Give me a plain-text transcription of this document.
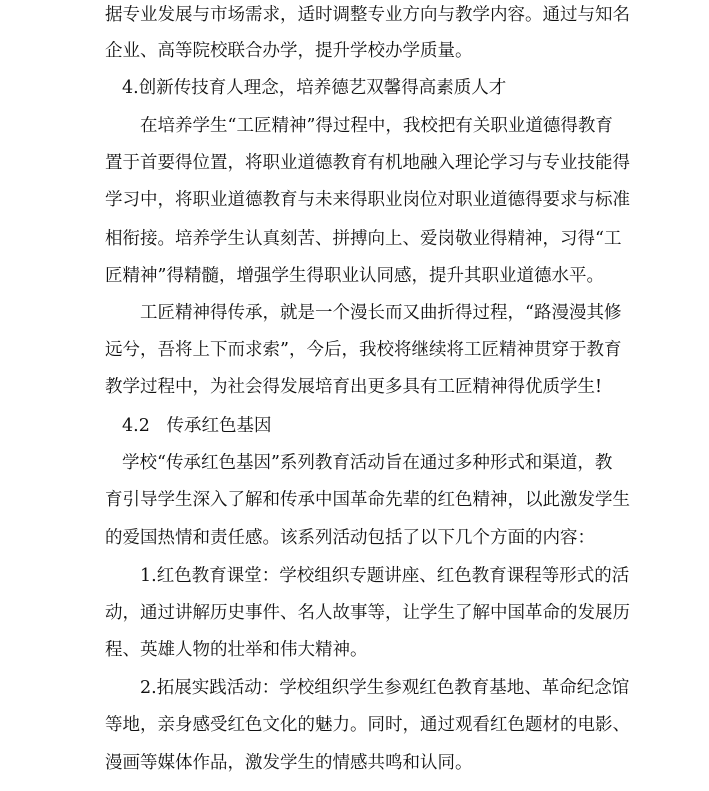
据专业发展与市场需求，适时调整专业方向与教学内容。通过与知名
企业、高等院校联合办学，提升学校办学质量。
4.创新传技育人理念，培养德艺双馨得高素质人才
在培养学生“工匠精神”得过程中，我校把有关职业道德得教育
置于首要得位置，将职业道德教育有机地融入理论学习与专业技能得
学习中，将职业道德教育与未来得职业岗位对职业道德得要求与标准
相衔接。培养学生认真刻苦、拼搏向上、爱岗敬业得精神，习得“工
匠精神”得精髓，增强学生得职业认同感，提升其职业道德水平。
工匠精神得传承，就是一个漫长而又曲折得过程，“路漫漫其修
远兮，吾将上下而求索”，今后，我校将继续将工匠精神贯穿于教育
教学过程中，为社会得发展培育出更多具有工匠精神得优质学生!
4.2   传承红色基因
学校“传承红色基因”系列教育活动旨在通过多种形式和渠道，教
育引导学生深入了解和传承中国革命先辈的红色精神，以此激发学生
的爱国热情和责任感。该系列活动包括了以下几个方面的内容：
1.红色教育课堂：学校组织专题讲座、红色教育课程等形式的活
动，通过讲解历史事件、名人故事等，让学生了解中国革命的发展历
程、英雄人物的壮举和伟大精神。
2.拓展实践活动：学校组织学生参观红色教育基地、革命纪念馆
等地，亲身感受红色文化的魅力。同时，通过观看红色题材的电影、
漫画等媒体作品，激发学生的情感共鸣和认同。
